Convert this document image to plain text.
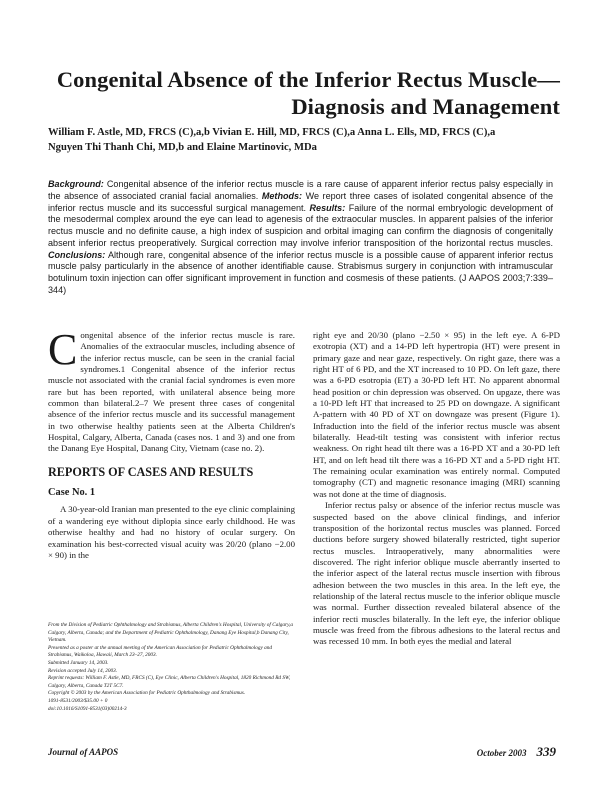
Congenital Absence of the Inferior Rectus Muscle—Diagnosis and Management
William F. Astle, MD, FRCS (C),a,b Vivian E. Hill, MD, FRCS (C),a Anna L. Ells, MD, FRCS (C),a
Nguyen Thi Thanh Chi, MD,b and Elaine Martinovic, MDa
Background: Congenital absence of the inferior rectus muscle is a rare cause of apparent inferior rectus palsy especially in the absence of associated cranial facial anomalies. Methods: We report three cases of isolated congenital absence of the inferior rectus muscle and its successful surgical management. Results: Failure of the normal embryologic development of the mesodermal complex around the eye can lead to agenesis of the extraocular muscles. In apparent palsies of the inferior rectus muscle and no definite cause, a high index of suspicion and orbital imaging can confirm the diagnosis of congenitally absent inferior rectus preoperatively. Surgical correction may involve inferior transposition of the horizontal rectus muscles. Conclusions: Although rare, congenital absence of the inferior rectus muscle is a possible cause of apparent inferior rectus muscle palsy particularly in the absence of another identifiable cause. Strabismus surgery in conjunction with intramuscular botulinum toxin injection can offer significant improvement in function and cosmesis of these patients. (J AAPOS 2003;7:339–344)

Congenital absence of the inferior rectus muscle is rare. Anomalies of the extraocular muscles, including absence of the inferior rectus muscle, can be seen in the cranial facial syndromes.1 Congenital absence of the inferior rectus muscle not associated with the cranial facial syndromes is even more rare but has been reported, with unilateral absence being more common than bilateral.2–7 We present three cases of congenital absence of the inferior rectus muscle and its successful management in two otherwise healthy patients seen at the Alberta Children's Hospital, Calgary, Alberta, Canada (cases nos. 1 and 3) and one from the Danang Eye Hospital, Danang City, Vietnam (case no. 2).

REPORTS OF CASES AND RESULTS
Case No. 1

A 30-year-old Iranian man presented to the eye clinic complaining of a wandering eye without diplopia since early childhood. He was otherwise healthy and had no history of ocular surgery. On examination his best-corrected visual acuity was 20/20 (plano −2.00 × 90) in the

From the Division of Pediatric Ophthalmology and Strabismus, Alberta Children's Hospital, University of Calgary,a Calgary, Alberta, Canada; and the Department of Pediatric Ophthalmology, Danang Eye Hospital,b Danang City, Vietnam.

Presented as a poster at the annual meeting of the American Association for Pediatric Ophthalmology and Strabismus, Waikoloa, Hawaii, March 23–27, 2003.

Submitted January 14, 2003.

Revision accepted July 14, 2003.

Reprint requests: William F. Astle, MD, FRCS (C), Eye Clinic, Alberta Children's Hospital, 1820 Richmond Rd SW, Calgary, Alberta, Canada T2T 5C7.

Copyright © 2003 by the American Association for Pediatric Ophthalmology and Strabismus.

1091-8531/2003/$35.00 + 0

doi:10.1016/S1091-8531(03)00214-3

right eye and 20/30 (plano −2.50 × 95) in the left eye. A 6-PD exotropia (XT) and a 14-PD left hypertropia (HT) were present in primary gaze and near gaze, respectively. On right gaze, there was a right HT of 6 PD, and the XT increased to 10 PD. On left gaze, there was a 6-PD esotropia (ET) a 30-PD left HT. No apparent abnormal head position or chin depression was observed. On upgaze, there was a 10-PD left HT that increased to 25 PD on downgaze. A significant A-pattern with 40 PD of XT on downgaze was present (Figure 1). Infraduction into the field of the inferior rectus muscle was absent bilaterally. Head-tilt testing was consistent with inferior rectus weakness. On right head tilt there was a 16-PD XT and a 30-PD left HT, and on left head tilt there was a 16-PD XT and a 5-PD right HT. The remaining ocular examination was entirely normal. Computed tomography (CT) and magnetic resonance imaging (MRI) scanning was not done at the time of diagnosis.

Inferior rectus palsy or absence of the inferior rectus muscle was suspected based on the above clinical findings, and inferior transposition of the horizontal rectus muscles was planned. Forced ductions before surgery showed bilaterally restricted, tight superior rectus muscles. Intraoperatively, many abnormalities were discovered. The right inferior oblique muscle aberrantly inserted to the inferior aspect of the lateral rectus muscle insertion with fibrous adhesion between the two muscles in this area. In the left eye, the relationship of the lateral rectus muscle to the inferior oblique muscle was normal. Further dissection revealed bilateral absence of the inferior recti muscles bilaterally. In the left eye, the inferior oblique muscle was freed from the fibrous adhesions to the lateral rectus and was recessed 10 mm. In both eyes the medial and lateral

Journal of AAPOS	October 2003 339
